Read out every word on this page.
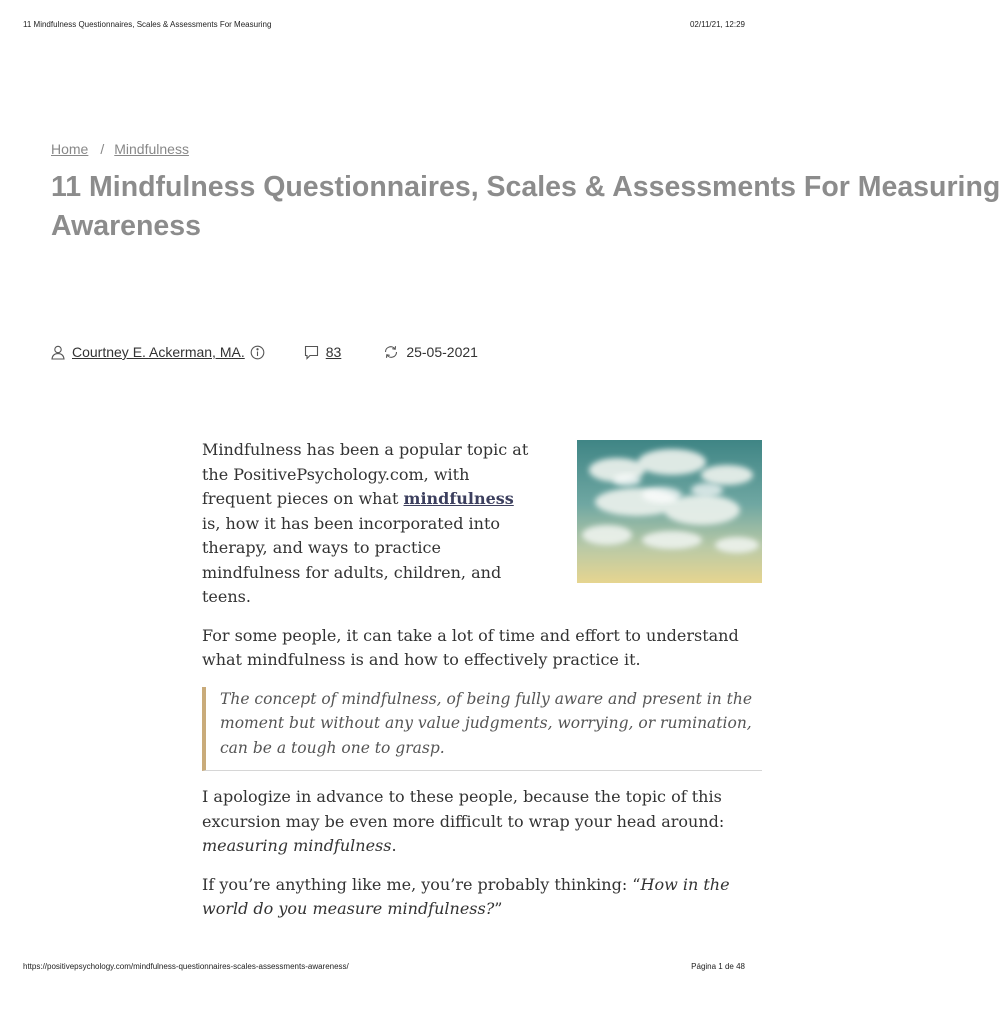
11 Mindfulness Questionnaires, Scales & Assessments For Measuring	02/11/21, 12:29
Home / Mindfulness
11 Mindfulness Questionnaires, Scales & Assessments For Measuring
Awareness
Courtney E. Ackerman, MA.	83	25-05-2021

Mindfulness has been a popular topic at the PositivePsychology.com, with frequent pieces on what mindfulness is, how it has been incorporated into therapy, and ways to practice mindfulness for adults, children, and teens.

For some people, it can take a lot of time and effort to understand what mindfulness is and how to effectively practice it.

The concept of mindfulness, of being fully aware and present in the moment but without any value judgments, worrying, or rumination, can be a tough one to grasp.

I apologize in advance to these people, because the topic of this excursion may be even more difficult to wrap your head around: measuring mindfulness.

If you’re anything like me, you’re probably thinking: “How in the world do you measure mindfulness?”

https://positivepsychology.com/mindfulness-questionnaires-scales-assessments-awareness/	Página 1 de 48
